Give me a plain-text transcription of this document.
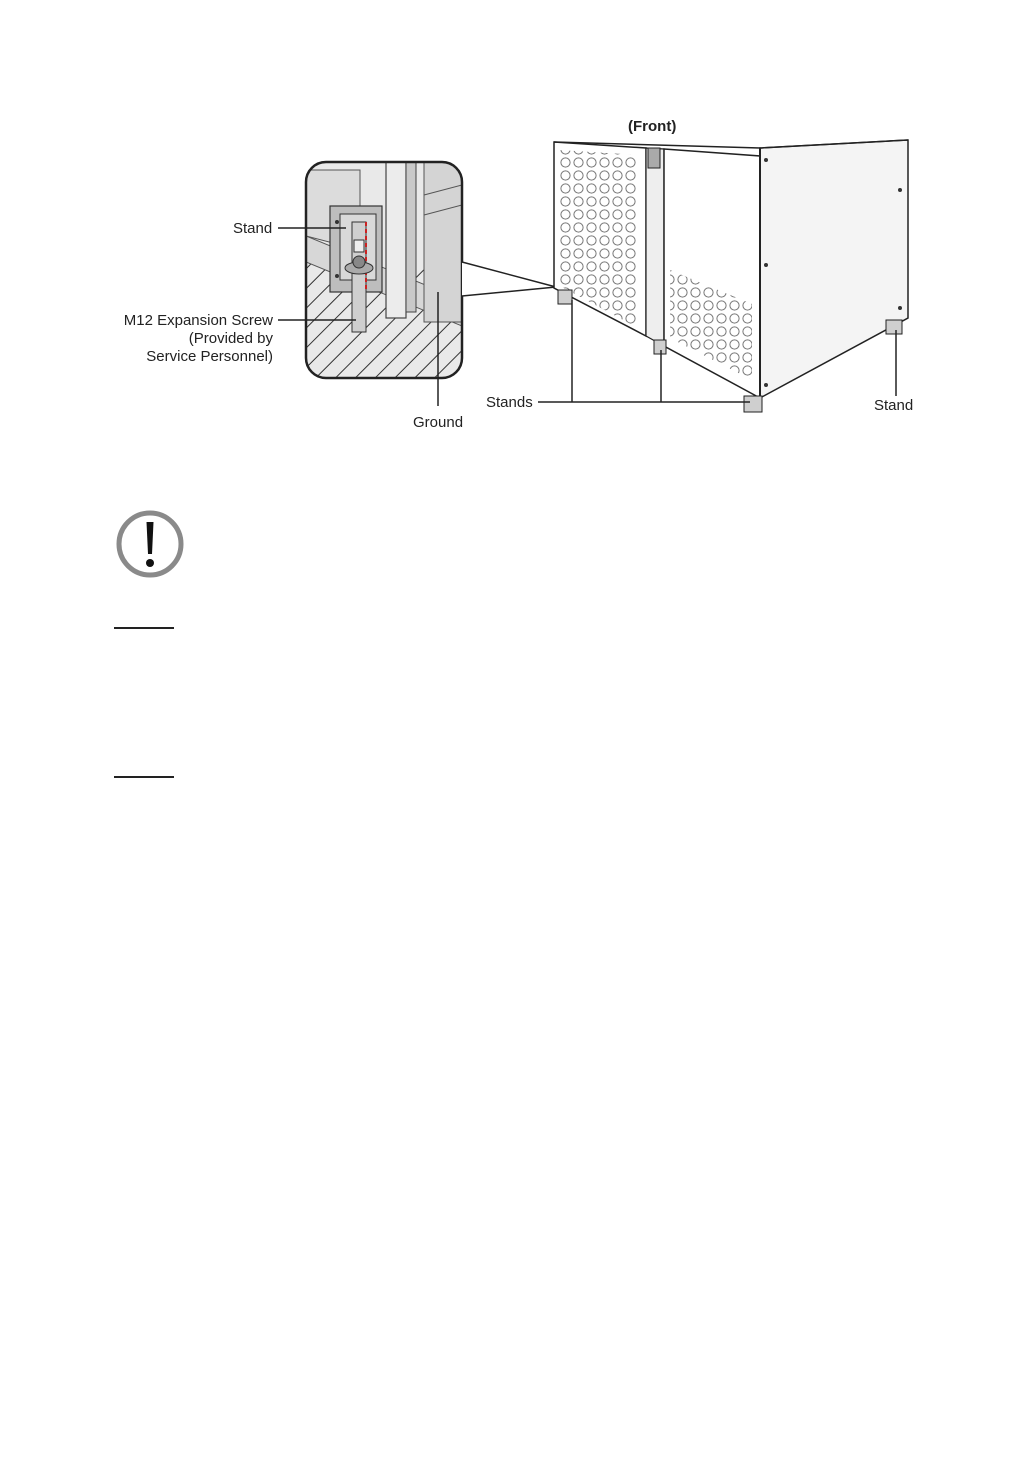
Stand
M12 Expansion Screw
(Provided by
Service Personnel)
Ground
(Front)
Stands	Stand
